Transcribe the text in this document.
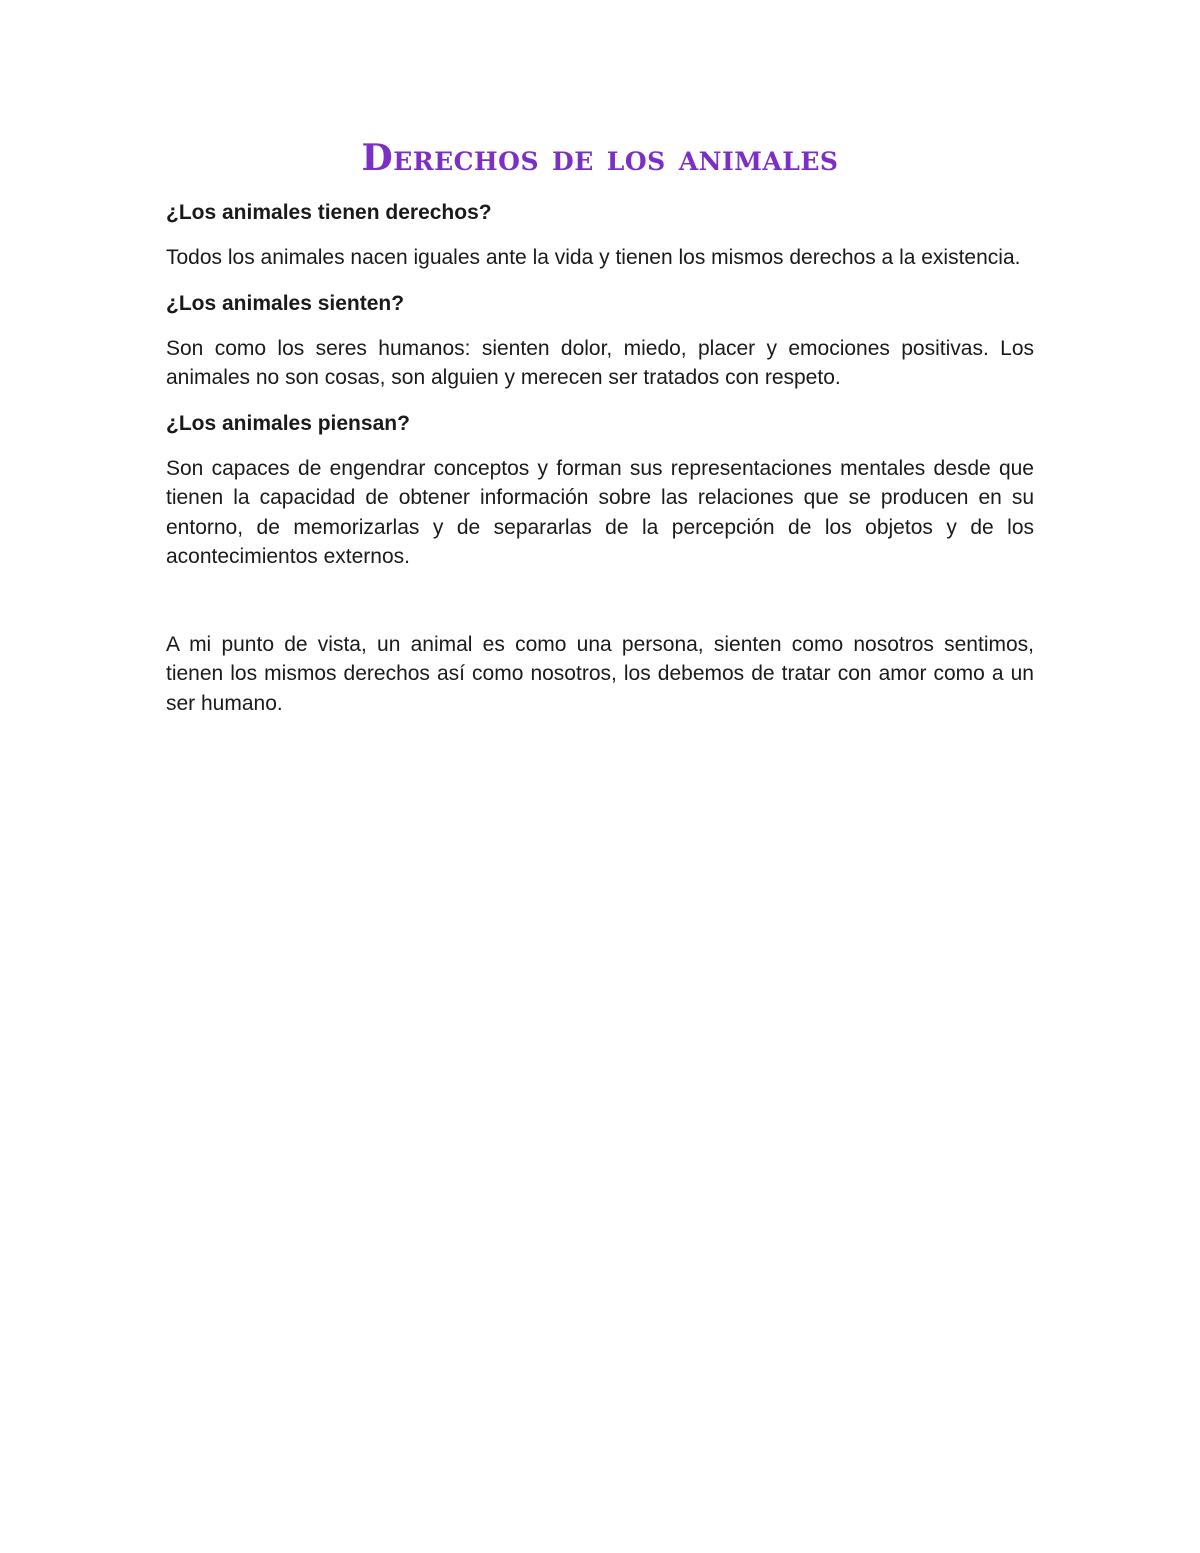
Derechos de los animales

¿Los animales tienen derechos?

Todos los animales nacen iguales ante la vida y tienen los mismos derechos a la existencia.

¿Los animales sienten?

Son como los seres humanos: sienten dolor, miedo, placer y emociones positivas. Los animales no son cosas, son alguien y merecen ser tratados con respeto.

¿Los animales piensan?

Son capaces de engendrar conceptos y forman sus representaciones mentales desde que tienen la capacidad de obtener información sobre las relaciones que se producen en su entorno, de memorizarlas y de separarlas de la percepción de los objetos y de los acontecimientos externos.

A mi punto de vista, un animal es como una persona, sienten como nosotros sentimos, tienen los mismos derechos así como nosotros, los debemos de tratar con amor como a un ser humano.
